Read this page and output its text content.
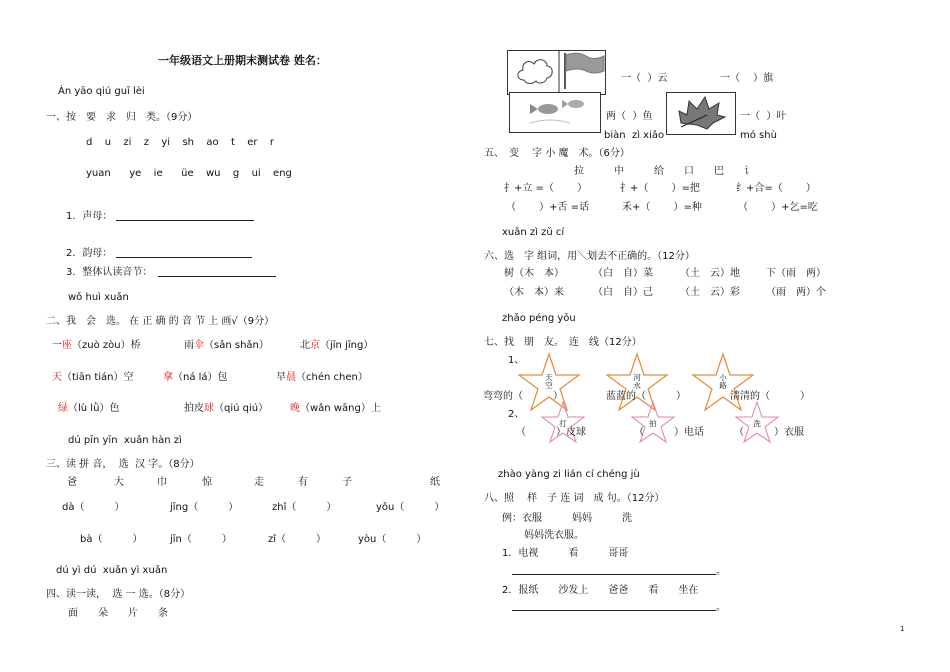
一年级语文上册期末测试卷 姓名：
Àn yāo qiú guī lèi
一、按　要　求　归　类。（9分）
d  u  zi  z  yi  sh  ao  t  er  r
yuan   ye  ie   üe  wu  g  ui  eng
1．声母：
2．韵母：
3．整体认读音节：
wǒ huì xuǎn
二、我　会　选。 在 正 确 的 音 节 上 画√（9分）
一座（zuò zòu）桥	雨伞（sǎn shǎn）	北京（jīn jīng）
天（tiān tián）空	拿（ná lá）包	早晨（chén chen）
绿（lù lǜ）色	拍皮球（qiú qiú） 晚（wǎn wāng）上
dú pīn yīn  xuǎn hàn zì
三、读 拼 音，  选  汉 字。（8分）
爸	大	巾	惊	走	有	子	纸
dà（　　　）	jīng（　　　）	zhǐ（　　　）	yǒu（　　　）
bà（　　　）	jīn（　　　）	zǐ（　　　）	yòu（　　　）
dú yì dú  xuǎn yì xuǎn
四、读一读，  选 一 选。（8分）
面　　朵　　片　　条
一（  ）云	一（　 ）旗
两（  ）鱼	一（  ）叶
biàn  zì xiǎo	mó shù
五、　变　 字 小 魔　术。（6分）
拉　　　中　　　给　　口　　巴　　讠
扌+立 =（　　 ）	扌+（　　 ）=把	纟+合=（　　 ）
（　　 ）+舌 =话	禾+（　　 ）=种	（　　 ）+乞=吃
xuǎn zì zǔ cí
六、选　字 组词，用＼划去不正确的。（12分）
树（木　本）	（白　自）菜	（土　云）地	下（雨　两）
（木　本）来	（白　自）己	（土　云）彩	（雨　两）个
zhǎo péng yǒu
七、找　朋　友。　连　线（12分）
1、
天
空
河
水
小
路
弯弯的（　　　）	蓝蓝的（　　　）	清清的（　　　）
2、
打	拍	洗
（　　　）皮球	（　　　）电话	（　　　）衣服
zhào yàng zi lián cí chéng jù
八、照　 样　子 连 词　成 句。（12分）
例：衣服　　　妈妈　　　洗
妈妈洗衣服。
1．电视　　　看　　　哥哥
。
2．报纸　　沙发上　　爸爸　　看　　坐在
。
1
